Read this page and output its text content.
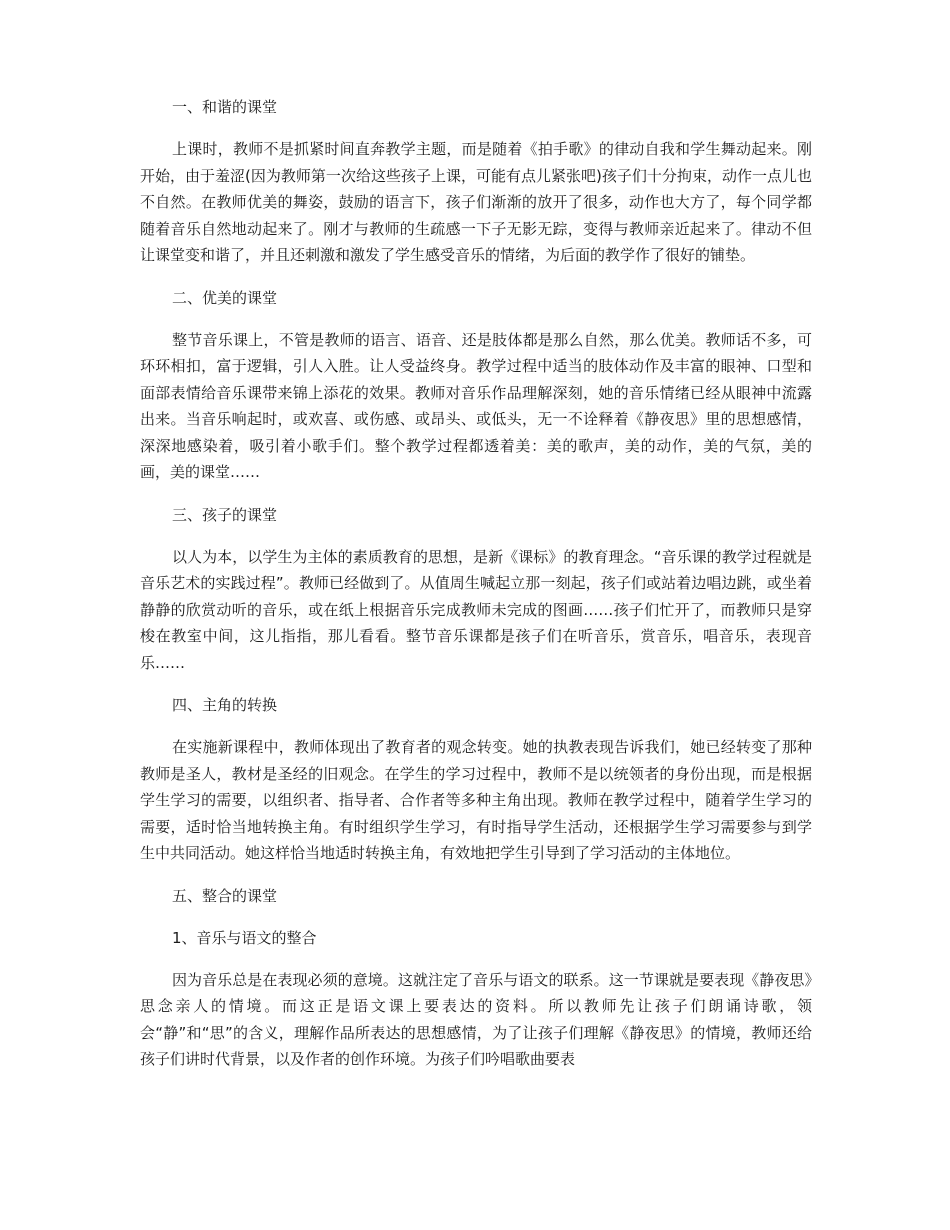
一、和谐的课堂

上课时，教师不是抓紧时间直奔教学主题，而是随着《拍手歌》的律动自我和学生舞动起来。刚开始，由于羞涩(因为教师第一次给这些孩子上课，可能有点儿紧张吧)孩子们十分拘束，动作一点儿也不自然。在教师优美的舞姿，鼓励的语言下，孩子们渐渐的放开了很多，动作也大方了，每个同学都随着音乐自然地动起来了。刚才与教师的生疏感一下子无影无踪，变得与教师亲近起来了。律动不但让课堂变和谐了，并且还刺激和激发了学生感受音乐的情绪，为后面的教学作了很好的铺垫。

二、优美的课堂

整节音乐课上，不管是教师的语言、语音、还是肢体都是那么自然，那么优美。教师话不多，可环环相扣，富于逻辑，引人入胜。让人受益终身。教学过程中适当的肢体动作及丰富的眼神、口型和面部表情给音乐课带来锦上添花的效果。教师对音乐作品理解深刻，她的音乐情绪已经从眼神中流露出来。当音乐响起时，或欢喜、或伤感、或昂头、或低头，无一不诠释着《静夜思》里的思想感情，深深地感染着，吸引着小歌手们。整个教学过程都透着美：美的歌声，美的动作，美的气氛，美的画，美的课堂……

三、孩子的课堂

以人为本，以学生为主体的素质教育的思想，是新《课标》的教育理念。“音乐课的教学过程就是音乐艺术的实践过程”。教师已经做到了。从值周生喊起立那一刻起，孩子们或站着边唱边跳，或坐着静静的欣赏动听的音乐，或在纸上根据音乐完成教师未完成的图画……孩子们忙开了，而教师只是穿梭在教室中间，这儿指指，那儿看看。整节音乐课都是孩子们在听音乐，赏音乐，唱音乐，表现音乐……

四、主角的转换

在实施新课程中，教师体现出了教育者的观念转变。她的执教表现告诉我们，她已经转变了那种教师是圣人，教材是圣经的旧观念。在学生的学习过程中，教师不是以统领者的身份出现，而是根据学生学习的需要，以组织者、指导者、合作者等多种主角出现。教师在教学过程中，随着学生学习的需要，适时恰当地转换主角。有时组织学生学习，有时指导学生活动，还根据学生学习需要参与到学生中共同活动。她这样恰当地适时转换主角，有效地把学生引导到了学习活动的主体地位。

五、整合的课堂

1、音乐与语文的整合

因为音乐总是在表现必须的意境。这就注定了音乐与语文的联系。这一节课就是要表现《静夜思》思念亲人的情境。而这正是语文课上要表达的资料。所以教师先让孩子们朗诵诗歌，领会“静”和“思”的含义，理解作品所表达的思想感情，为了让孩子们理解《静夜思》的情境，教师还给孩子们讲时代背景，以及作者的创作环境。为孩子们吟唱歌曲要表
